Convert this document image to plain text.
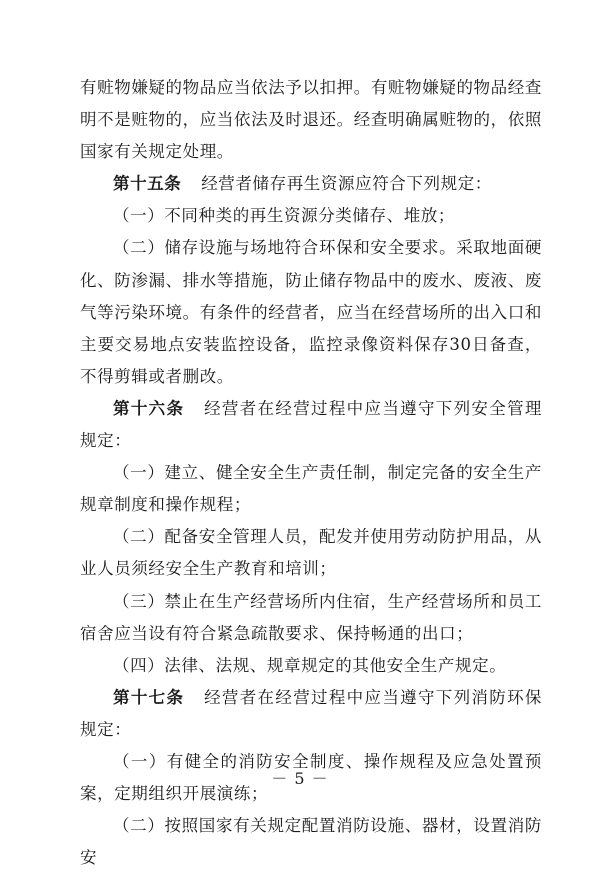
有赃物嫌疑的物品应当依法予以扣押。有赃物嫌疑的物品经查明不是赃物的，应当依法及时退还。经查明确属赃物的，依照国家有关规定处理。

第十五条 经营者储存再生资源应符合下列规定：

（一）不同种类的再生资源分类储存、堆放；

（二）储存设施与场地符合环保和安全要求。采取地面硬化、防渗漏、排水等措施，防止储存物品中的废水、废液、废气等污染环境。有条件的经营者，应当在经营场所的出入口和主要交易地点安装监控设备，监控录像资料保存30日备查，不得剪辑或者删改。

第十六条 经营者在经营过程中应当遵守下列安全管理规定：

（一）建立、健全安全生产责任制，制定完备的安全生产规章制度和操作规程；

（二）配备安全管理人员，配发并使用劳动防护用品，从业人员须经安全生产教育和培训；

（三）禁止在生产经营场所内住宿，生产经营场所和员工宿舍应当设有符合紧急疏散要求、保持畅通的出口；

（四）法律、法规、规章规定的其他安全生产规定。

第十七条 经营者在经营过程中应当遵守下列消防环保规定：

（一）有健全的消防安全制度、操作规程及应急处置预案，定期组织开展演练；

（二）按照国家有关规定配置消防设施、器材，设置消防安

－ 5 －
